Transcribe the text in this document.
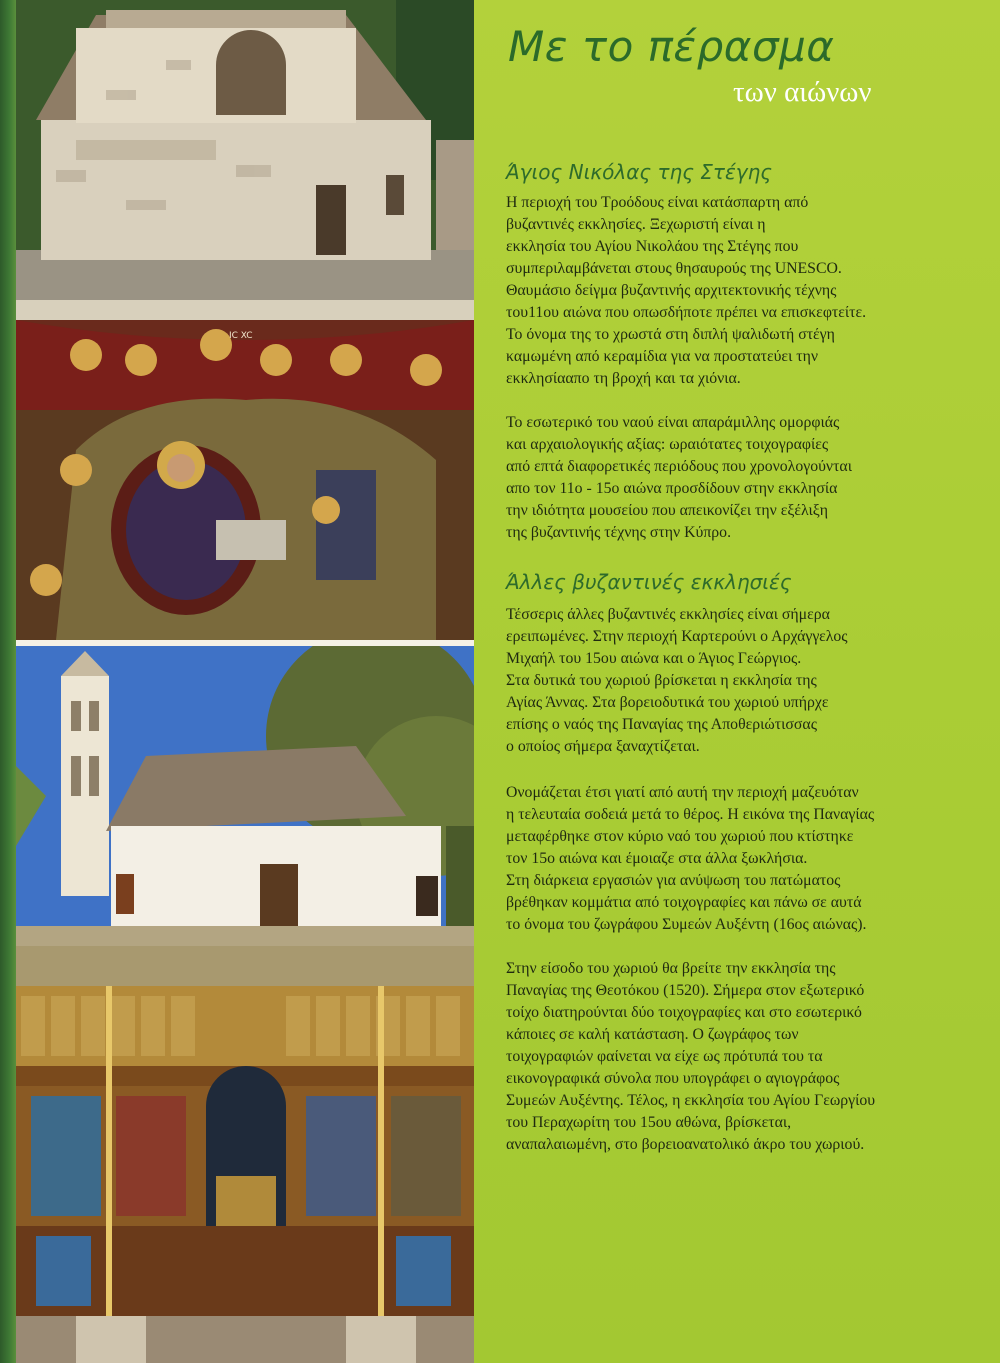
ΙC XC
Με το πέρασμα
των αιώνων
Άγιος Νικόλας της Στέγης
Η περιοχή του Τροόδους είναι κατάσπαρτη από
βυζαντινές εκκλησίες. Ξεχωριστή είναι η
εκκλησία του Αγίου Νικολάου της Στέγης που
συμπεριλαμβάνεται στους θησαυρούς της UNESCO.
Θαυμάσιο δείγμα βυζαντινής αρχιτεκτονικής τέχνης
του11ου αιώνα που οπωσδήποτε πρέπει να επισκεφτείτε.
Το όνομα της το χρωστά στη διπλή ψαλιδωτή στέγη
καμωμένη από κεραμίδια για να προστατεύει την
εκκλησίααπο τη βροχή και τα χιόνια.
Το εσωτερικό του ναού είναι απαράμιλλης ομορφιάς
και αρχαιολογικής αξίας: ωραιότατες τοιχογραφίες
από επτά διαφορετικές περιόδους που χρονολογούνται
απο τον 11ο - 15ο αιώνα προσδίδουν στην εκκλησία
την ιδιότητα μουσείου που απεικονίζει την εξέλιξη
της βυζαντινής τέχνης στην Κύπρο.
Άλλες βυζαντινές εκκλησιές
Τέσσερις άλλες βυζαντινές εκκλησίες είναι σήμερα
ερειπωμένες. Στην περιοχή Καρτερούνι ο Αρχάγγελος
Μιχαήλ του 15ου αιώνα και ο Άγιος Γεώργιος.
Στα δυτικά του χωριού βρίσκεται η εκκλησία της
Αγίας Άννας. Στα βορειοδυτικά του χωριού υπήρχε
επίσης ο ναός της Παναγίας της Αποθεριώτισσας
ο οποίος σήμερα ξαναχτίζεται.
Ονομάζεται έτσι γιατί από αυτή την περιοχή μαζευόταν
η τελευταία σοδειά μετά το θέρος. Η εικόνα της Παναγίας
μεταφέρθηκε στον κύριο ναό του χωριού που κτίστηκε
τον 15ο αιώνα και έμοιαζε στα άλλα ξωκλήσια.
Στη διάρκεια εργασιών για ανύψωση του πατώματος
βρέθηκαν κομμάτια από τοιχογραφίες και πάνω σε αυτά
το όνομα του ζωγράφου Συμεών Αυξέντη (16ος αιώνας).
Στην είσοδο του χωριού θα βρείτε την εκκλησία της
Παναγίας της Θεοτόκου (1520). Σήμερα στον εξωτερικό
τοίχο διατηρούνται δύο τοιχογραφίες και στο εσωτερικό
κάποιες σε καλή κατάσταση. Ο ζωγράφος των
τοιχογραφιών φαίνεται να είχε ως πρότυπά του τα
εικονογραφικά σύνολα που υπογράφει ο αγιογράφος
Συμεών Αυξέντης. Τέλος, η εκκλησία του Αγίου Γεωργίου
του Περαχωρίτη του 15ου αθώνα, βρίσκεται,
αναπαλαιωμένη, στο βορειοανατολικό άκρο του χωριού.
